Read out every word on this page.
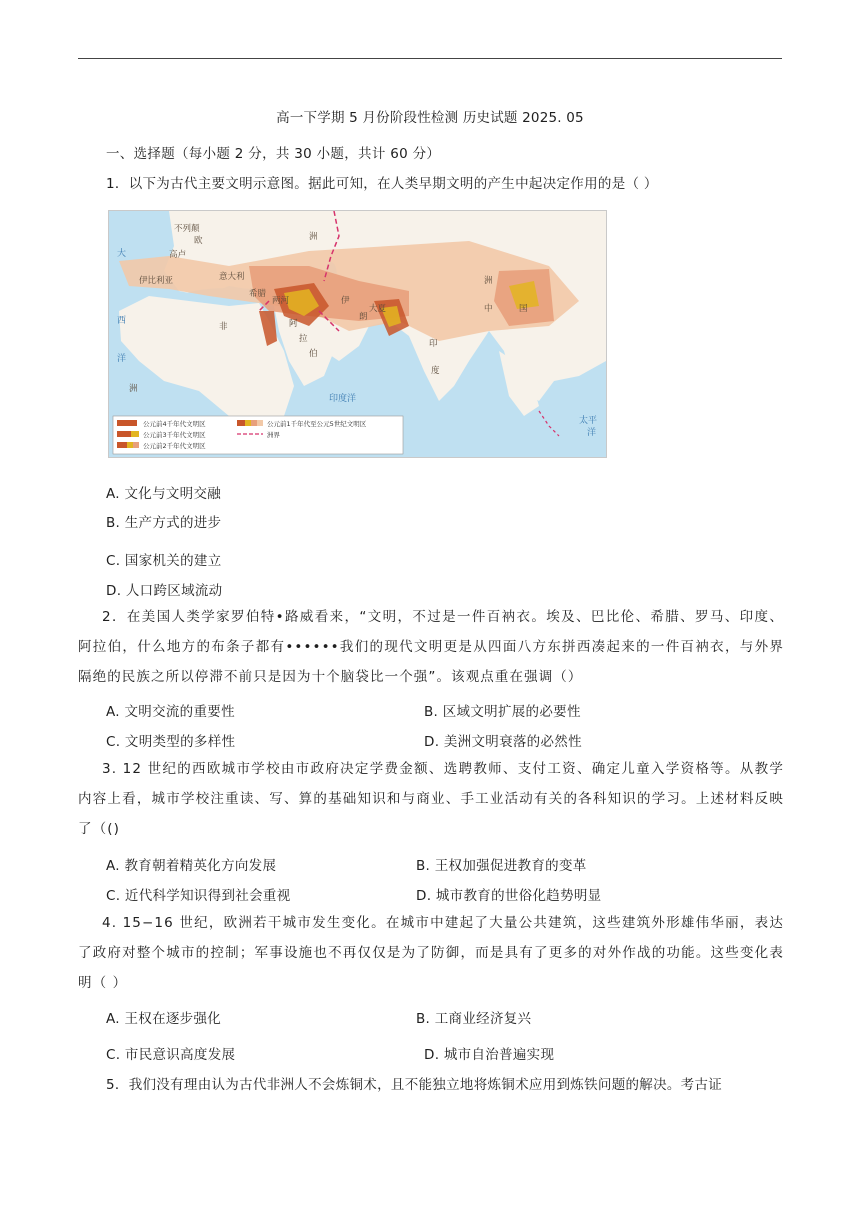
高一下学期 5 月份阶段性检测 历史试题 2025. 05
一、选择题（每小题 2 分，共 30 小题，共计 60 分）
1．以下为古代主要文明示意图。据此可知，在人类早期文明的产生中起决定作用的是（ ）
不列颠
欧	洲
高卢
伊比利亚	意大利
希腊
两河	伊
朗
大夏
阿
拉
伯
印
度
中	国
洲
非
洲
大
西
洋
印度洋
太平
洋
公元前4千年代文明区
公元前3千年代文明区
公元前2千年代文明区
公元前1千年代至公元5世纪文明区
洲界
A. 文化与文明交融
B. 生产方式的进步
C. 国家机关的建立
D. 人口跨区域流动
2．在美国人类学家罗伯特•路威看来，“文明，不过是一件百衲衣。埃及、巴比伦、希腊、罗马、印度、阿拉伯，什么地方的布条子都有••••••我们的现代文明更是从四面八方东拼西凑起来的一件百衲衣，与外界隔绝的民族之所以停滞不前只是因为十个脑袋比一个强”。该观点重在强调（）
A. 文明交流的重要性	B. 区域文明扩展的必要性
C. 文明类型的多样性	D. 美洲文明衰落的必然性
3. 12 世纪的西欧城市学校由市政府决定学费金额、选聘教师、支付工资、确定儿童入学资格等。从教学内容上看，城市学校注重读、写、算的基础知识和与商业、手工业活动有关的各科知识的学习。上述材料反映了（()
A. 教育朝着精英化方向发展	B. 王权加强促进教育的变革
C. 近代科学知识得到社会重视	D. 城市教育的世俗化趋势明显
4. 15−16 世纪，欧洲若干城市发生变化。在城市中建起了大量公共建筑，这些建筑外形雄伟华丽，表达了政府对整个城市的控制；军事设施也不再仅仅是为了防御，而是具有了更多的对外作战的功能。这些变化表明（ ）
A. 王权在逐步强化	B. 工商业经济复兴
C. 市民意识高度发展	D. 城市自治普遍实现
5．我们没有理由认为古代非洲人不会炼铜术，且不能独立地将炼铜术应用到炼铁问题的解决。考古证
